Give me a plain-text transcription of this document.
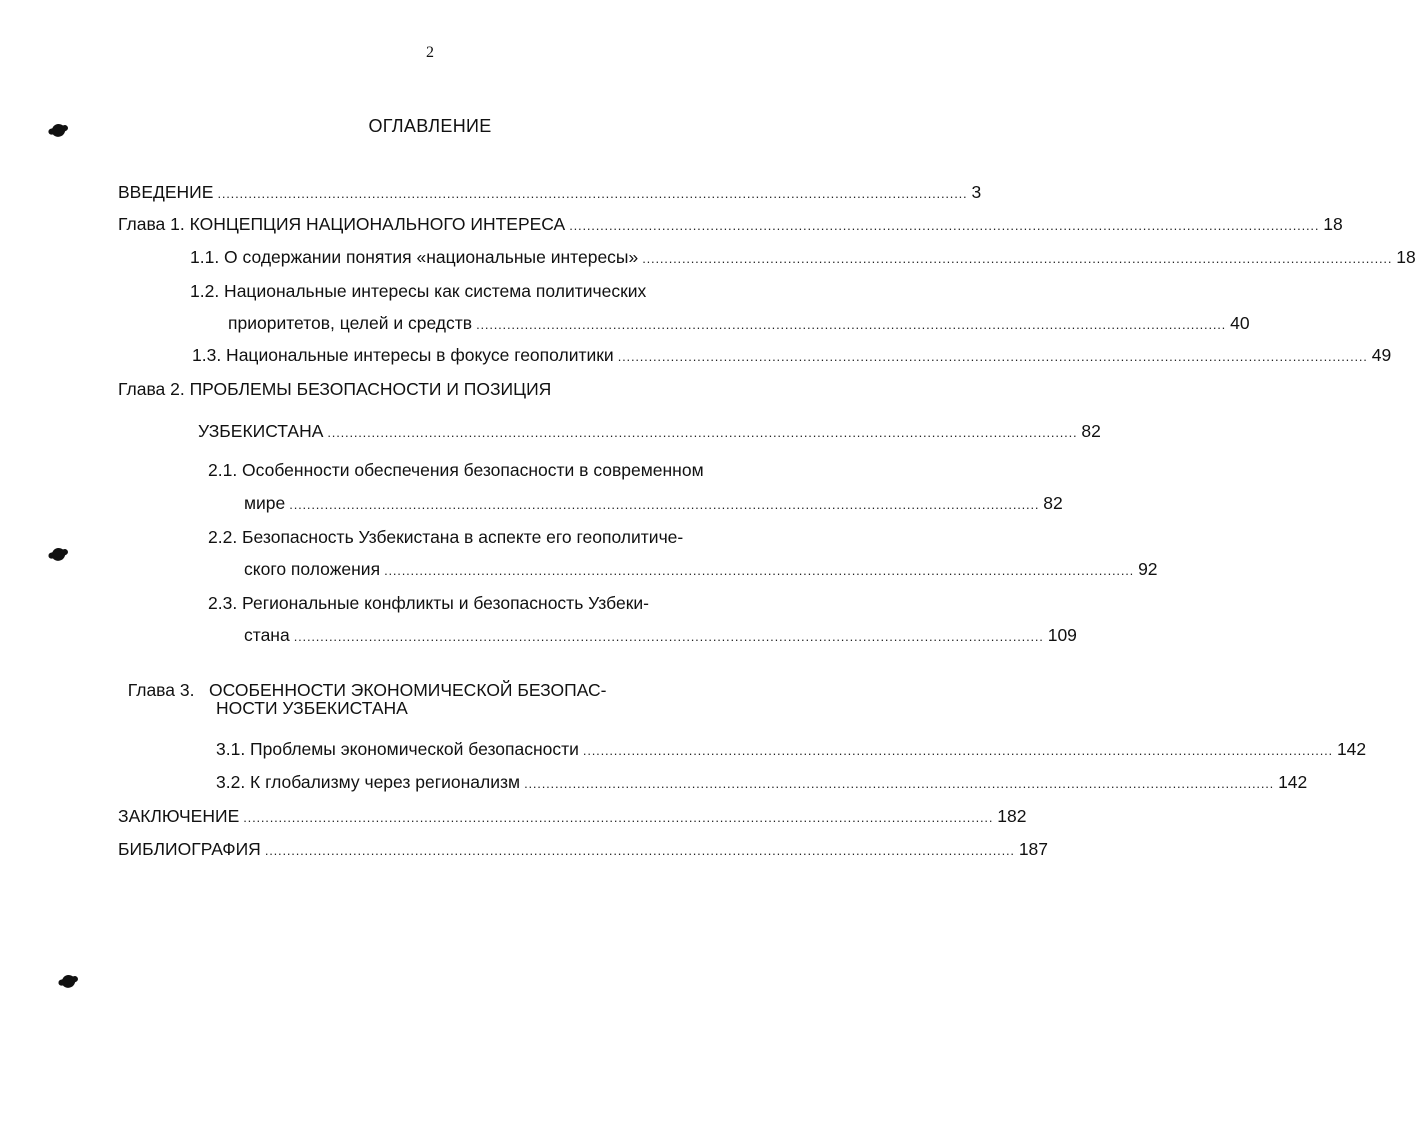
2
ОГЛАВЛЕНИЕ
ВВЕДЕНИЕ .......................................................................................................................................................................... 3
Глава 1. КОНЦЕПЦИЯ НАЦИОНАЛЬНОГО ИНТЕРЕСА .......................................................................................................................................................................... 18
1.1. О содержании понятия «национальные интересы» .......................................................................................................................................................................... 18
1.2. Национальные интересы как система политических
приоритетов, целей и средств .......................................................................................................................................................................... 40
1.3. Национальные интересы в фокусе геополитики .......................................................................................................................................................................... 49
Глава 2. ПРОБЛЕМЫ БЕЗОПАСНОСТИ И ПОЗИЦИЯ
УЗБЕКИСТАНА .......................................................................................................................................................................... 82
2.1. Особенности обеспечения безопасности в современном
мире .......................................................................................................................................................................... 82
2.2. Безопасность Узбекистана в аспекте его геополитиче-
ского положения .......................................................................................................................................................................... 92
2.3. Региональные конфликты и безопасность Узбеки-
стана .......................................................................................................................................................................... 109

Глава 3.   ОСОБЕННОСТИ ЭКОНОМИЧЕСКОЙ БЕЗОПАС-

НОСТИ УЗБЕКИСТАНА
3.1. Проблемы экономической безопасности .......................................................................................................................................................................... 142
3.2. К глобализму через регионализм .......................................................................................................................................................................... 142
ЗАКЛЮЧЕНИЕ .......................................................................................................................................................................... 182
БИБЛИОГРАФИЯ .......................................................................................................................................................................... 187
